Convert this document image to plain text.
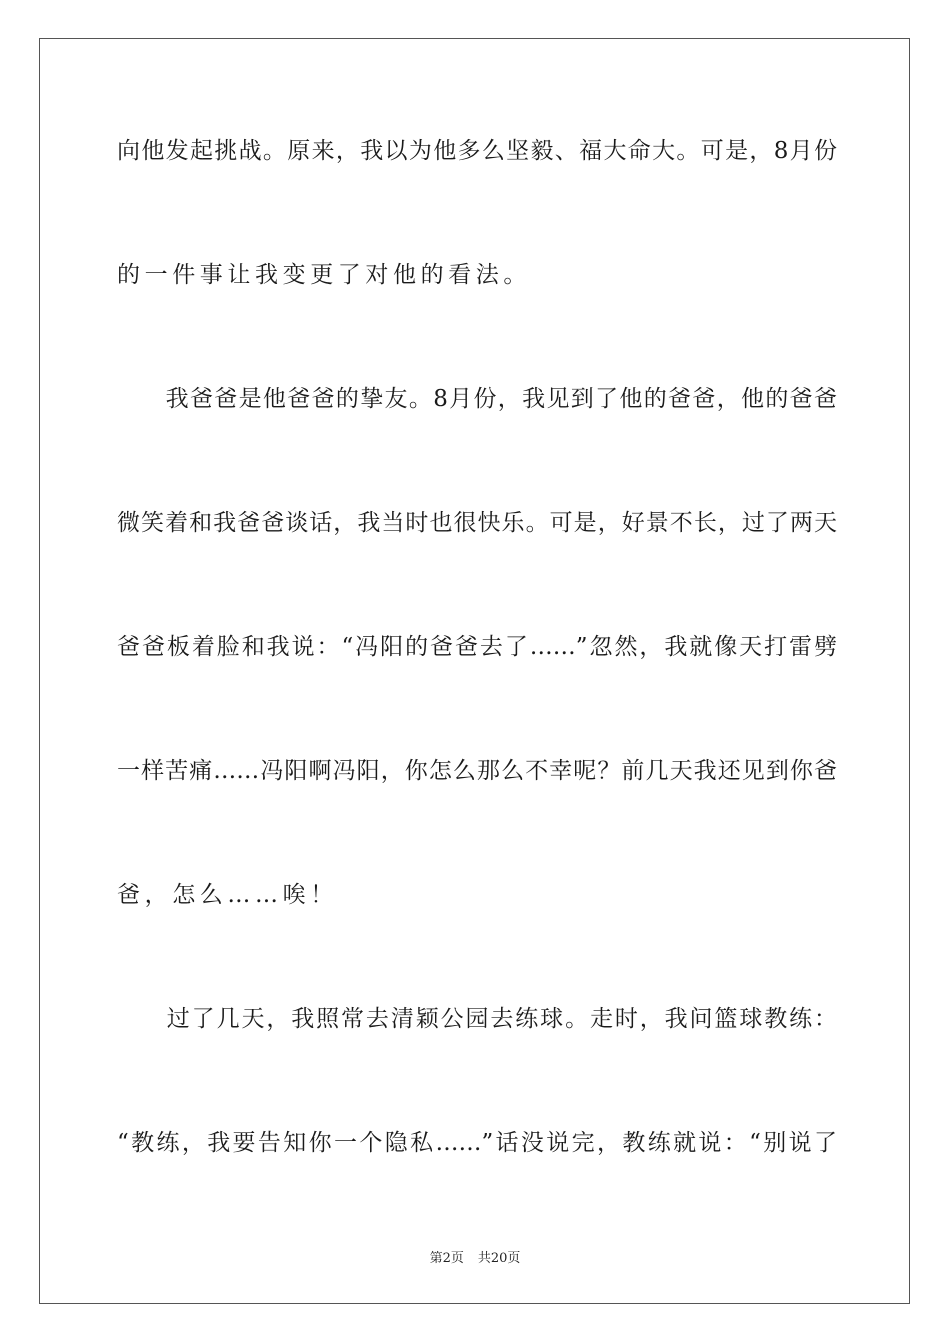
向他发起挑战。原来，我以为他多么坚毅、福大命大。可是，8月份
的一件事让我变更了对他的看法。
　　我爸爸是他爸爸的挚友。8月份，我见到了他的爸爸，他的爸爸
微笑着和我爸爸谈话，我当时也很快乐。可是，好景不长，过了两天
爸爸板着脸和我说：“冯阳的爸爸去了……”忽然，我就像天打雷劈
一样苦痛……冯阳啊冯阳，你怎么那么不幸呢？前几天我还见到你爸
爸，怎么……唉！
　　过了几天，我照常去清颖公园去练球。走时，我问篮球教练：
“教练，我要告知你一个隐私……”话没说完，教练就说：“别说了
第2页 共20页
